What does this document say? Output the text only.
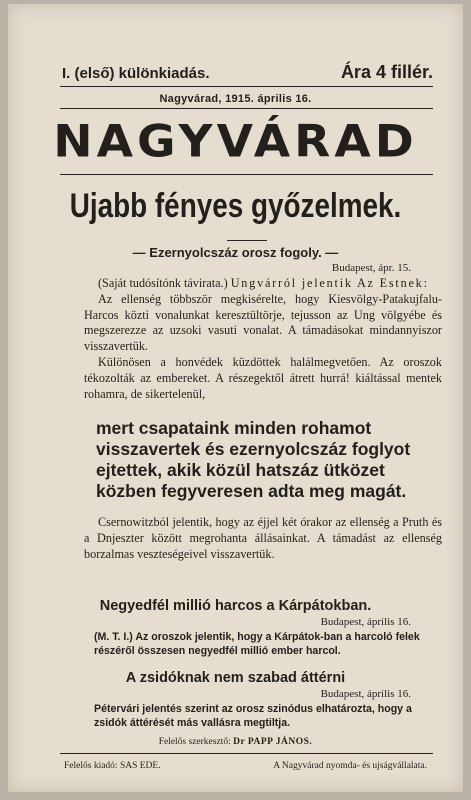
I. (első) különkiadás.	Ára 4 fillér.
Nagyvárad, 1915. április 16.
NAGYVÁRAD
Ujabb fényes győzelmek.
— Ezernyolcszáz orosz fogoly. —
Budapest, ápr. 15.

(Saját tudósítónk távirata.) Ungvárról jelentik Az Estnek:

Az ellenség többször megkisérelte, hogy Kiesvölgy-Patakujfalu-Harcos közti vonalunkat keresztültörje, tejusson az Ung völgyébe és megszerezze az uzsoki vasuti vonalat. A támadásokat mindannyiszor visszavertük.

Különösen a honvédek küzdöttek halálmegvetően. Az oroszok tékozolták az embereket. A részegektől átrett hurrá! kiáltással mentek rohamra, de sikertelenül,

mert csapataink minden rohamot visszavertek és ezernyolcszáz foglyot ejtettek, akik közül hatszáz ütközet közben fegyveresen adta meg magát.

Csernowitzból jelentik, hogy az éjjel két órakor az ellenség a Pruth és a Dnjeszter között megrohanta állásainkat. A támadást az ellenség borzalmas veszteségeivel visszavertük.

Negyedfél millió harcos a Kárpátokban.
Budapest, április 16.
(M. T. I.) Az oroszok jelentik, hogy a Kárpátok-ban a harcoló felek részéről összesen negyedfél millió ember harcol.
A zsidóknak nem szabad áttérni
Budapest, április 16.
Pétervári jelentés szerint az orosz szinódus elhatározta, hogy a zsidók áttérését más vallásra megtiltja.
Felelős szerkesztő: Dr PAPP JÁNOS.
Felelős kiadó: SAS EDE.	A Nagyvárad nyomda- és ujságvállalata.
